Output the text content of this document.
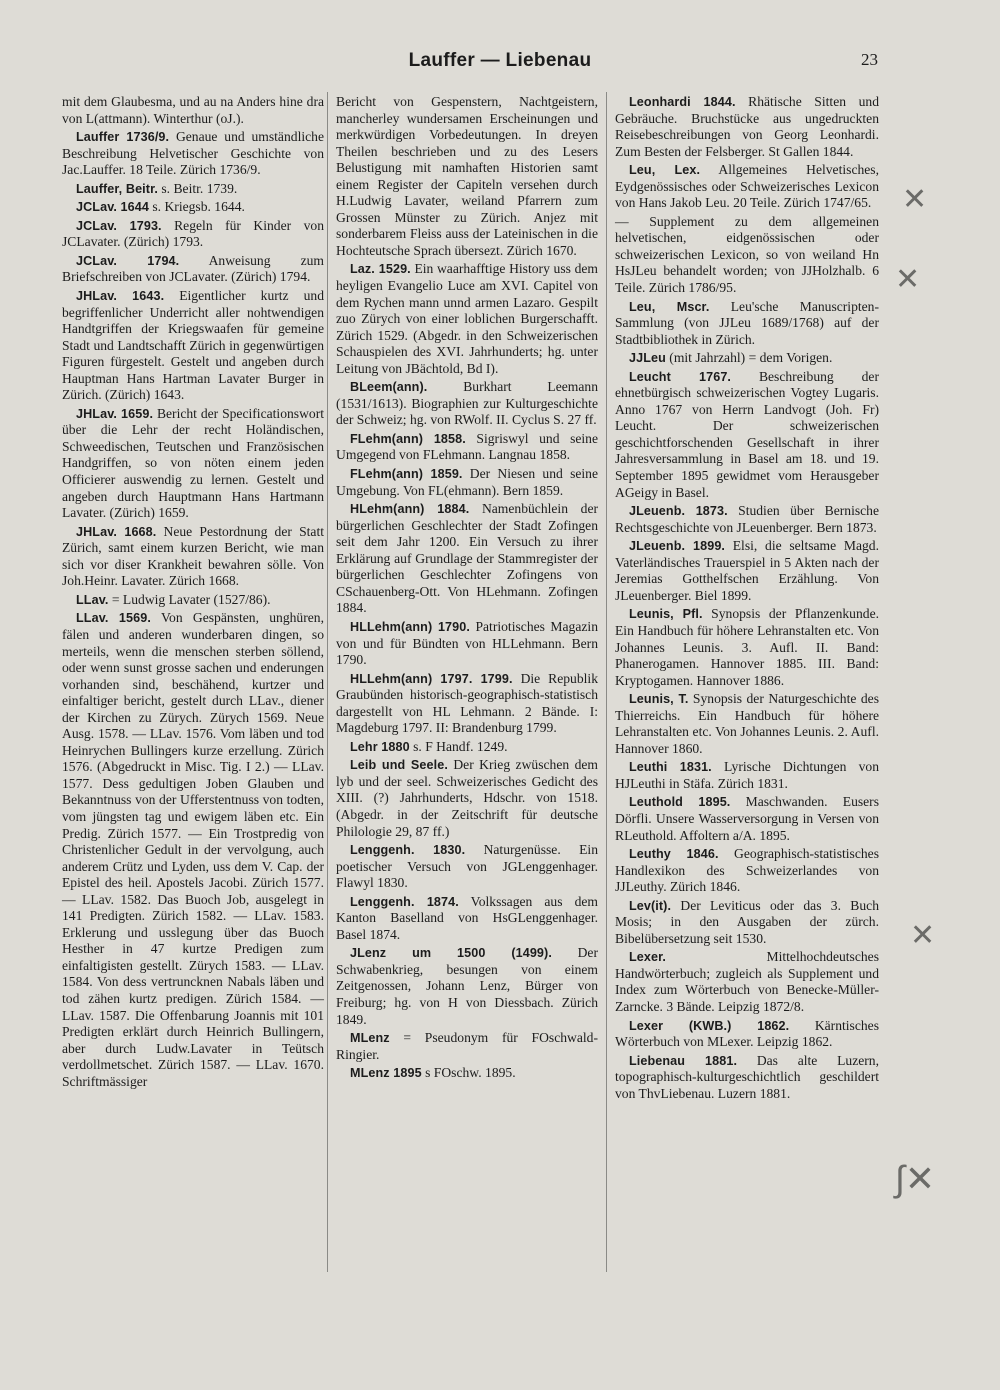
Lauffer — Liebenau	23

mit dem Glaubesma, und au na Anders hine dra von L(attmann). Winterthur (oJ.).

Lauffer 1736/9. Genaue und umständliche Beschreibung Helvetischer Geschichte von Jac.Lauffer. 18 Teile. Zürich 1736/9.

Lauffer, Beitr. s. Beitr. 1739.

JCLav. 1644 s. Kriegsb. 1644.

JCLav. 1793. Regeln für Kinder von JCLavater. (Zürich) 1793.

JCLav. 1794. Anweisung zum Briefschreiben von JCLavater. (Zürich) 1794.

JHLav. 1643. Eigentlicher kurtz und begriffenlicher Underricht aller nohtwendigen Handtgriffen der Kriegswaafen für gemeine Stadt und Landtschafft Zürich in gegenwürtigen Figuren fürgestelt. Gestelt und angeben durch Hauptman Hans Hartman Lavater Burger in Zürich. (Zürich) 1643.

JHLav. 1659. Bericht der Specificationswort über die Lehr der recht Holändischen, Schweedischen, Teutschen und Französischen Handgriffen, so von nöten einem jeden Officierer auswendig zu lernen. Gestelt und angeben durch Hauptmann Hans Hartmann Lavater. (Zürich) 1659.

JHLav. 1668. Neue Pestordnung der Statt Zürich, samt einem kurzen Bericht, wie man sich vor diser Krankheit bewahren sölle. Von Joh.Heinr. Lavater. Zürich 1668.

LLav. = Ludwig Lavater (1527/86).

LLav. 1569. Von Gespänsten, unghüren, fälen und anderen wunderbaren dingen, so merteils, wenn die menschen sterben söllend, oder wenn sunst grosse sachen und enderungen vorhanden sind, beschähend, kurtzer und einfaltiger bericht, gestelt durch LLav., diener der Kirchen zu Zürych. Zürych 1569. Neue Ausg. 1578. — LLav. 1576. Vom läben und tod Heinrychen Bullingers kurze erzellung. Zürich 1576. (Abgedruckt in Misc. Tig. I 2.) — LLav. 1577. Dess gedultigen Joben Glauben und Bekanntnuss von der Ufferstentnuss von todten, vom jüngsten tag und ewigem läben etc. Ein Predig. Zürich 1577. — Ein Trostpredig von Christenlicher Gedult in der vervolgung, auch anderem Crütz und Lyden, uss dem V. Cap. der Epistel des heil. Apostels Jacobi. Zürich 1577. — LLav. 1582. Das Buoch Job, ausgelegt in 141 Predigten. Zürich 1582. — LLav. 1583. Erklerung und usslegung über das Buoch Hesther in 47 kurtze Predigen zum einfaltigisten gestellt. Zürych 1583. — LLav. 1584. Von dess vertruncknen Nabals läben und tod zähen kurtz predigen. Zürich 1584. — LLav. 1587. Die Offenbarung Joannis mit 101 Predigten erklärt durch Heinrich Bullingern, aber durch Ludw.Lavater in Teütsch verdollmetschet. Zürich 1587. — LLav. 1670. Schriftmässiger

Bericht von Gespenstern, Nachtgeistern, mancherley wundersamen Erscheinungen und merkwürdigen Vorbedeutungen. In dreyen Theilen beschrieben und zu des Lesers Belustigung mit namhaften Historien samt einem Register der Capiteln versehen durch H.Ludwig Lavater, weiland Pfarrern zum Grossen Münster zu Zürich. Anjez mit sonderbarem Fleiss auss der Lateinischen in die Hochteutsche Sprach übersezt. Zürich 1670.

Laz. 1529. Ein waarhafftige History uss dem heyligen Evangelio Luce am XVI. Capitel von dem Rychen mann unnd armen Lazaro. Gespilt zuo Zürych von einer loblichen Burgerschafft. Zürich 1529. (Abgedr. in den Schweizerischen Schauspielen des XVI. Jahrhunderts; hg. unter Leitung von JBächtold, Bd I).

BLeem(ann). Burkhart Leemann (1531/1613). Biographien zur Kulturgeschichte der Schweiz; hg. von RWolf. II. Cyclus S. 27 ff.

FLehm(ann) 1858. Sigriswyl und seine Umgegend von FLehmann. Langnau 1858.

FLehm(ann) 1859. Der Niesen und seine Umgebung. Von FL(ehmann). Bern 1859.

HLehm(ann) 1884. Namenbüchlein der bürgerlichen Geschlechter der Stadt Zofingen seit dem Jahr 1200. Ein Versuch zu ihrer Erklärung auf Grundlage der Stammregister der bürgerlichen Geschlechter Zofingens von CSchauenberg-Ott. Von HLehmann. Zofingen 1884.

HLLehm(ann) 1790. Patriotisches Magazin von und für Bündten von HLLehmann. Bern 1790.

HLLehm(ann) 1797. 1799. Die Republik Graubünden historisch-geographisch-statistisch dargestellt von HL Lehmann. 2 Bände. I: Magdeburg 1797. II: Brandenburg 1799.

Lehr 1880 s. F Handf. 1249.

Leib und Seele. Der Krieg zwüschen dem lyb und der seel. Schweizerisches Gedicht des XIII. (?) Jahrhunderts, Hdschr. von 1518. (Abgedr. in der Zeitschrift für deutsche Philologie 29, 87 ff.)

Lenggenh. 1830. Naturgenüsse. Ein poetischer Versuch von JGLenggenhager. Flawyl 1830.

Lenggenh. 1874. Volkssagen aus dem Kanton Baselland von HsGLenggenhager. Basel 1874.

JLenz um 1500 (1499). Der Schwabenkrieg, besungen von einem Zeitgenossen, Johann Lenz, Bürger von Freiburg; hg. von H von Diessbach. Zürich 1849.

MLenz = Pseudonym für FOschwald-Ringier.

MLenz 1895 s FOschw. 1895.

Leonhardi 1844. Rhätische Sitten und Gebräuche. Bruchstücke aus ungedruckten Reisebeschreibungen von Georg Leonhardi. Zum Besten der Felsberger. St Gallen 1844.

Leu, Lex. Allgemeines Helvetisches, Eydgenössisches oder Schweizerisches Lexicon von Hans Jakob Leu. 20 Teile. Zürich 1747/65.

— Supplement zu dem allgemeinen helvetischen, eidgenössischen oder schweizerischen Lexicon, so von weiland Hn HsJLeu behandelt worden; von JJHolzhalb. 6 Teile. Zürich 1786/95.

Leu, Mscr. Leu'sche Manuscripten-Sammlung (von JJLeu 1689/1768) auf der Stadtbibliothek in Zürich.

JJLeu (mit Jahrzahl) = dem Vorigen.

Leucht 1767. Beschreibung der ehnetbürgisch schweizerischen Vogtey Lugaris. Anno 1767 von Herrn Landvogt (Joh. Fr) Leucht. Der schweizerischen geschichtforschenden Gesellschaft in ihrer Jahresversammlung in Basel am 18. und 19. September 1895 gewidmet vom Herausgeber AGeigy in Basel.

JLeuenb. 1873. Studien über Bernische Rechtsgeschichte von JLeuenberger. Bern 1873.

JLeuenb. 1899. Elsi, die seltsame Magd. Vaterländisches Trauerspiel in 5 Akten nach der Jeremias Gotthelfschen Erzählung. Von JLeuenberger. Biel 1899.

Leunis, Pfl. Synopsis der Pflanzenkunde. Ein Handbuch für höhere Lehranstalten etc. Von Johannes Leunis. 3. Aufl. II. Band: Phanerogamen. Hannover 1885. III. Band: Kryptogamen. Hannover 1886.

Leunis, T. Synopsis der Naturgeschichte des Thierreichs. Ein Handbuch für höhere Lehranstalten etc. Von Johannes Leunis. 2. Aufl. Hannover 1860.

Leuthi 1831. Lyrische Dichtungen von HJLeuthi in Stäfa. Zürich 1831.

Leuthold 1895. Maschwanden. Eusers Dörfli. Unsere Wasserversorgung in Versen von RLeuthold. Affoltern a/A. 1895.

Leuthy 1846. Geographisch-statistisches Handlexikon des Schweizerlandes von JJLeuthy. Zürich 1846.

Lev(it). Der Leviticus oder das 3. Buch Mosis; in den Ausgaben der zürch. Bibelübersetzung seit 1530.

Lexer. Mittelhochdeutsches Handwörterbuch; zugleich als Supplement und Index zum Wörterbuch von Benecke-Müller-Zarncke. 3 Bände. Leipzig 1872/8.

Lexer (KWB.) 1862. Kärntisches Wörterbuch von MLexer. Leipzig 1862.

Liebenau 1881. Das alte Luzern, topographisch-kulturgeschichtlich geschildert von ThvLiebenau. Luzern 1881.

✕
✕
✕
∫✕
